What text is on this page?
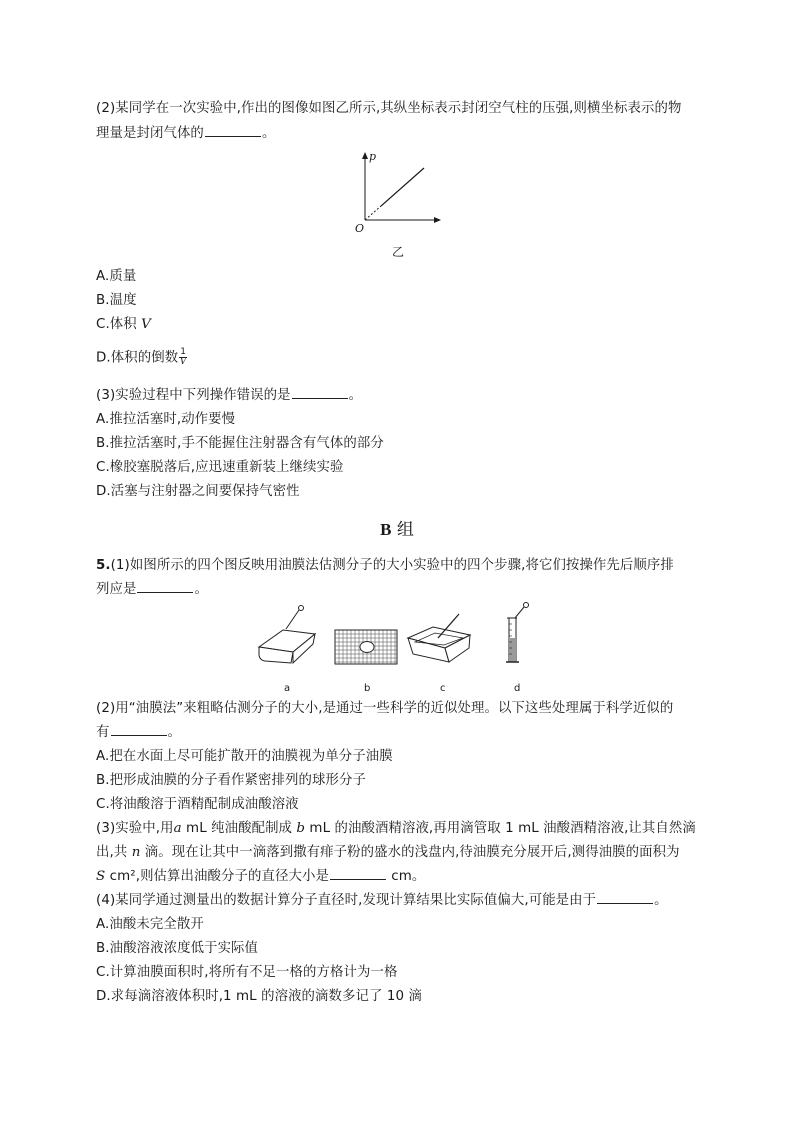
(2)某同学在一次实验中,作出的图像如图乙所示,其纵坐标表示封闭空气柱的压强,则横坐标表示的物
理量是封闭气体的	。
p
O
乙
A.质量
B.温度
C.体积 V
D.体积的倒数 $\frac{1}{V}$
(3)实验过程中下列操作错误的是	。
A.推拉活塞时,动作要慢
B.推拉活塞时,手不能握住注射器含有气体的部分
C.橡胶塞脱落后,应迅速重新装上继续实验
D.活塞与注射器之间要保持气密性
B 组
5.(1)如图所示的四个图反映用油膜法估测分子的大小实验中的四个步骤,将它们按操作先后顺序排
列应是	。
a	b	c	d
(2)用“油膜法”来粗略估测分子的大小,是通过一些科学的近似处理。以下这些处理属于科学近似的
有	。
A.把在水面上尽可能扩散开的油膜视为单分子油膜
B.把形成油膜的分子看作紧密排列的球形分子
C.将油酸溶于酒精配制成油酸溶液
(3)实验中,用a mL 纯油酸配制成 b mL 的油酸酒精溶液,再用滴管取 1 mL 油酸酒精溶液,让其自然滴
出,共 n 滴。现在让其中一滴落到撒有痱子粉的盛水的浅盘内,待油膜充分展开后,测得油膜的面积为
S cm²,则估算出油酸分子的直径大小是	cm。
(4)某同学通过测量出的数据计算分子直径时,发现计算结果比实际值偏大,可能是由于	。
A.油酸未完全散开
B.油酸溶液浓度低于实际值
C.计算油膜面积时,将所有不足一格的方格计为一格
D.求每滴溶液体积时,1 mL 的溶液的滴数多记了 10 滴
